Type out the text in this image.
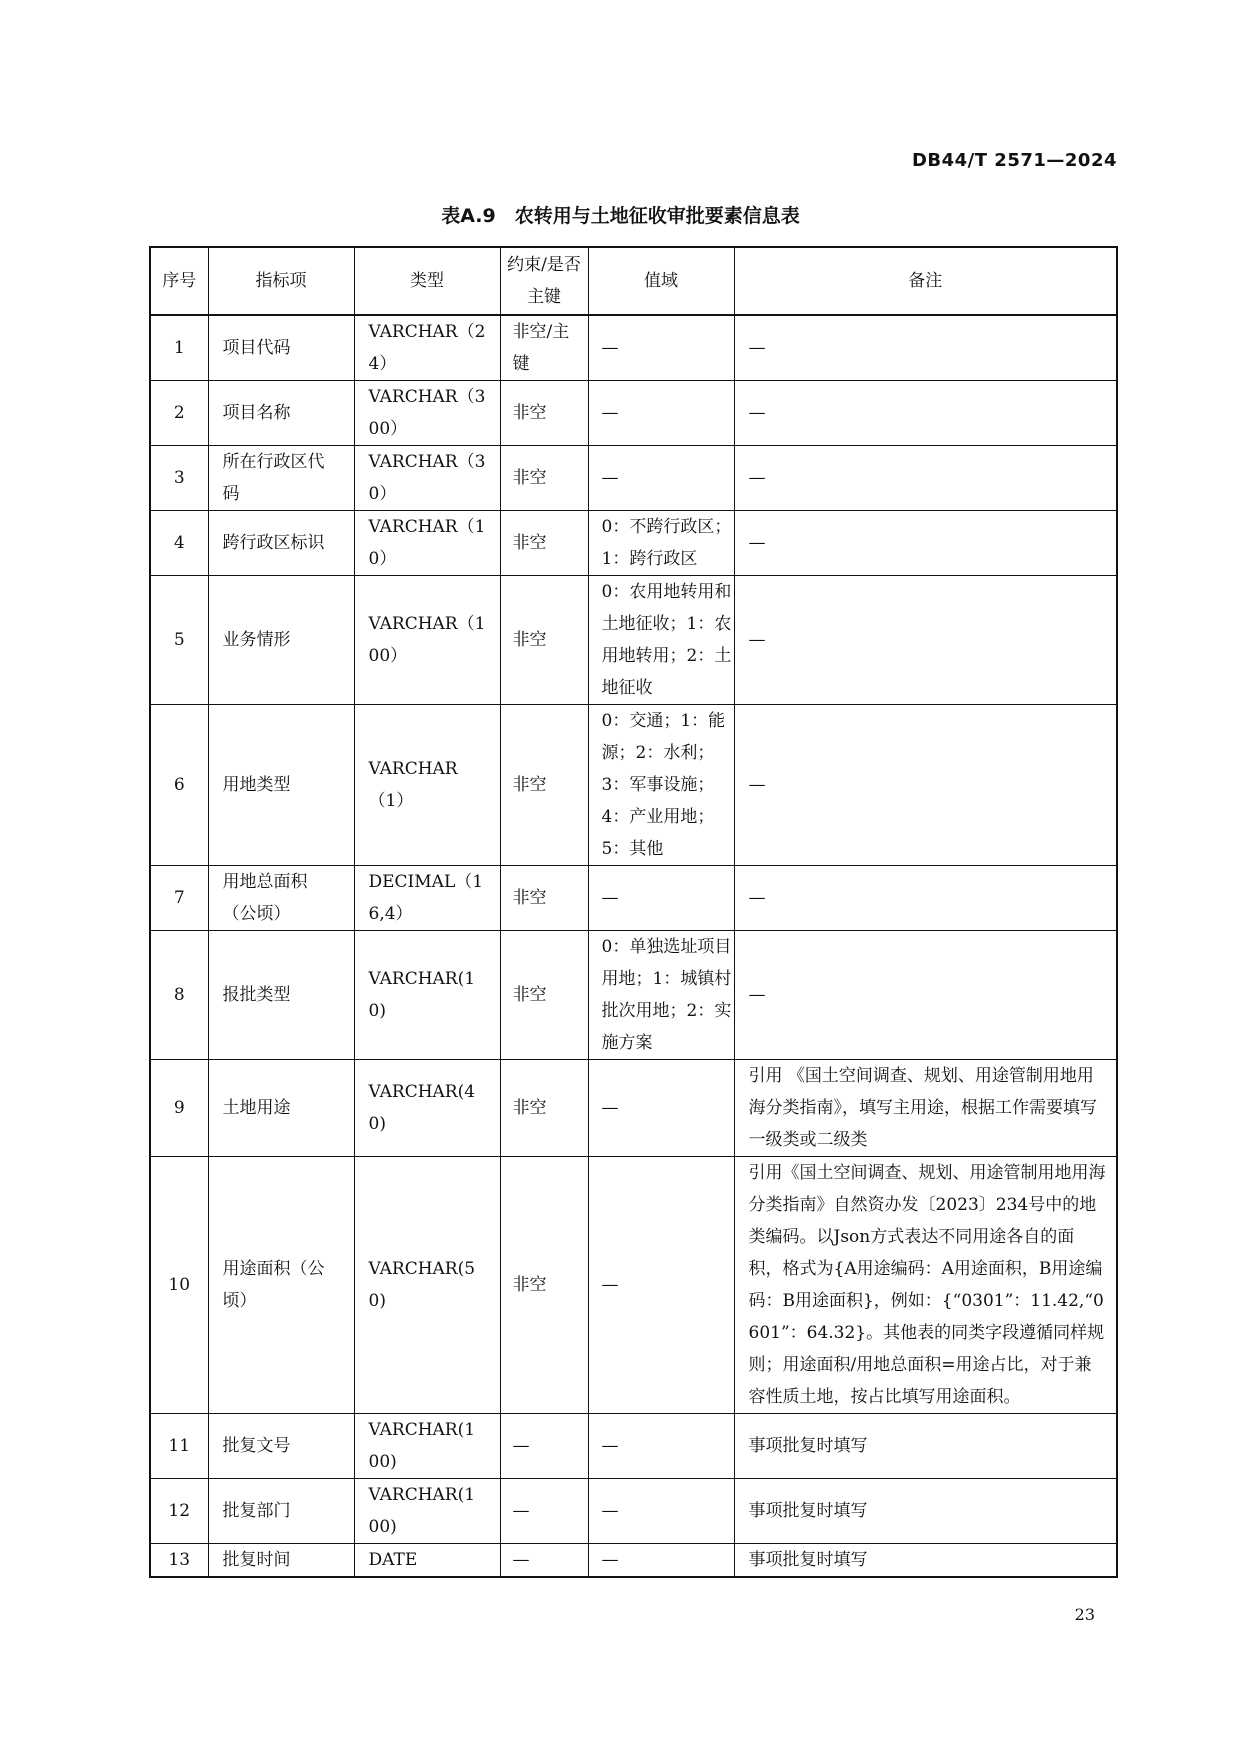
DB44/T 2571—2024
表A.9　农转用与土地征收审批要素信息表
序号	指标项	类型	约束/是否主键	值域	备注
1	项目代码	VARCHAR（24）	非空/主键	—	—
2	项目名称	VARCHAR（300）	非空	—	—
3	所在行政区代码	VARCHAR（30）	非空	—	—
4	跨行政区标识	VARCHAR（10）	非空	0：不跨行政区；1：跨行政区	—
5	业务情形	VARCHAR（100）	非空	0：农用地转用和土地征收；1：农用地转用；2：土地征收	—
6	用地类型	VARCHAR（1）	非空	0：交通；1：能源；2：水利；3：军事设施；4：产业用地；5：其他	—
7	用地总面积（公顷）	DECIMAL（16,4）	非空	—	—
8	报批类型	VARCHAR(10)	非空	0：单独选址项目用地；1：城镇村批次用地；2：实施方案	—
9	土地用途	VARCHAR(40)	非空	—	引用 《国土空间调查、规划、用途管制用地用海分类指南》，填写主用途，根据工作需要填写一级类或二级类
10	用途面积（公顷）	VARCHAR(50)	非空	—	引用《国土空间调查、规划、用途管制用地用海分类指南》自然资办发〔2023〕234号中的地类编码。以Json方式表达不同用途各自的面积，格式为{A用途编码：A用途面积，B用途编码：B用途面积}，例如：{“0301”：11.42,“0601”：64.32}。其他表的同类字段遵循同样规则；用途面积/用地总面积=用途占比，对于兼容性质土地，按占比填写用途面积。
11	批复文号	VARCHAR(100)	—	—	事项批复时填写
12	批复部门	VARCHAR(100)	—	—	事项批复时填写
13	批复时间	DATE	—	—	事项批复时填写
23
